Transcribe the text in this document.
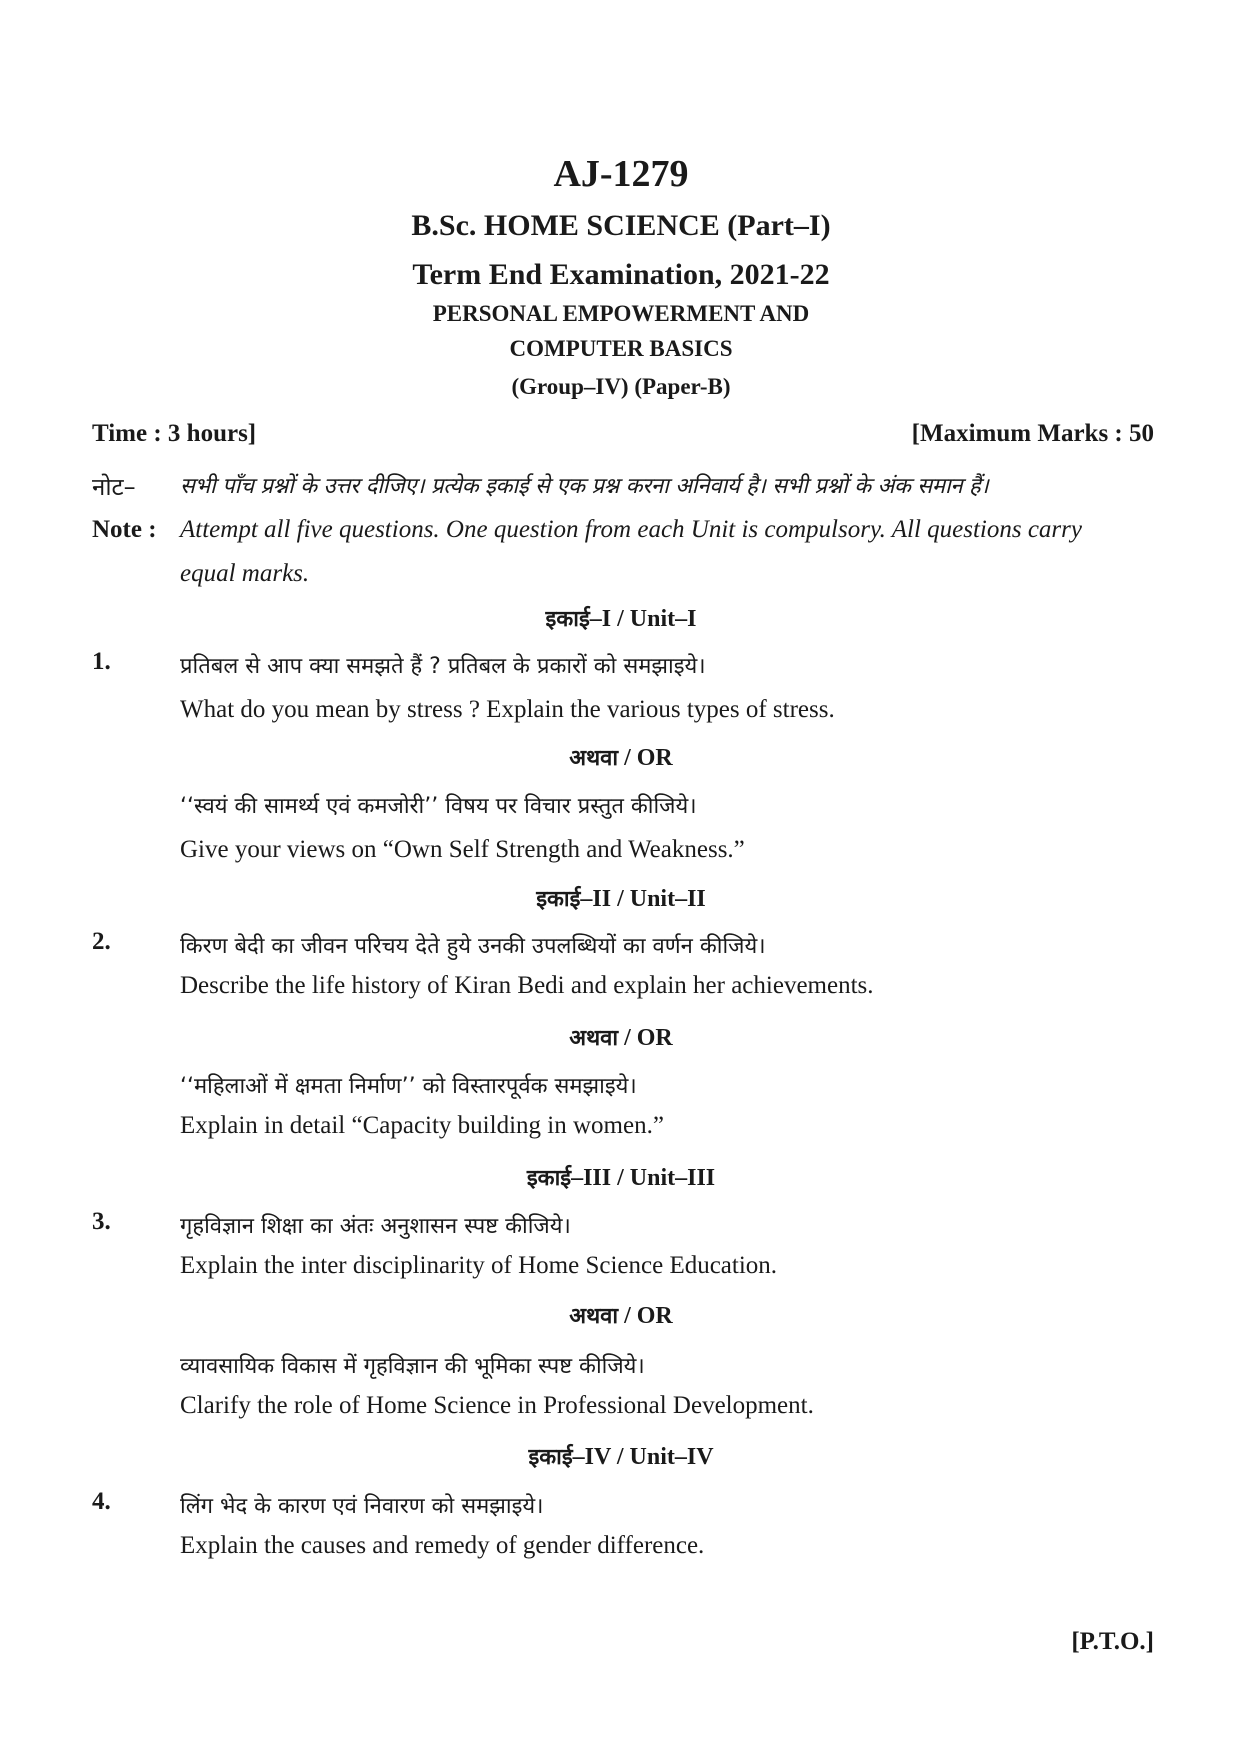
AJ-1279
B.Sc. HOME SCIENCE (Part–I)
Term End Examination, 2021-22
PERSONAL EMPOWERMENT AND
COMPUTER BASICS
(Group–IV) (Paper-B)
Time : 3 hours]	[Maximum Marks : 50
नोट– सभी पाँच प्रश्नों के उत्तर दीजिए। प्रत्येक इकाई से एक प्रश्न करना अनिवार्य है। सभी प्रश्नों के अंक समान हैं।
Note : Attempt all five questions. One question from each Unit is compulsory. All questions carry
equal marks.
इकाई–I / Unit–I
1.	प्रतिबल से आप क्या समझते हैं ? प्रतिबल के प्रकारों को समझाइये।
What do you mean by stress ? Explain the various types of stress.
अथवा / OR
‘‘स्वयं की सामर्थ्य एवं कमजोरी’’ विषय पर विचार प्रस्तुत कीजिये।
Give your views on “Own Self Strength and Weakness.”
इकाई–II / Unit–II
2.	किरण बेदी का जीवन परिचय देते हुये उनकी उपलब्धियों का वर्णन कीजिये।
Describe the life history of Kiran Bedi and explain her achievements.
अथवा / OR
‘‘महिलाओं में क्षमता निर्माण’’ को विस्तारपूर्वक समझाइये।
Explain in detail “Capacity building in women.”
इकाई–III / Unit–III
3.	गृहविज्ञान शिक्षा का अंतः अनुशासन स्पष्ट कीजिये।
Explain the inter disciplinarity of Home Science Education.
अथवा / OR
व्यावसायिक विकास में गृहविज्ञान की भूमिका स्पष्ट कीजिये।
Clarify the role of Home Science in Professional Development.
इकाई–IV / Unit–IV
4.	लिंग भेद के कारण एवं निवारण को समझाइये।
Explain the causes and remedy of gender difference.
[P.T.O.]
